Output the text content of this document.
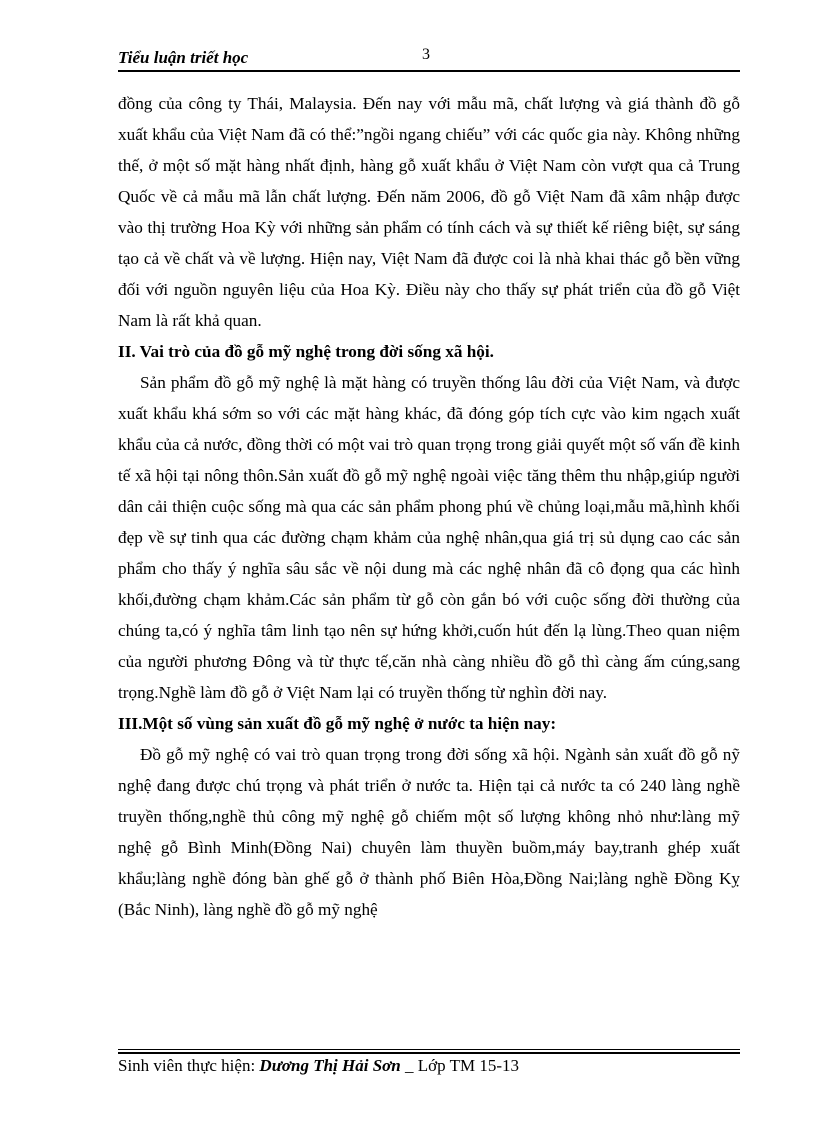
Tiểu luận triết học	3

đồng của công ty Thái, Malaysia. Đến nay với mẫu mã, chất lượng và giá thành đồ gỗ xuất khẩu của Việt Nam đã có thể:”ngồi ngang chiếu” với các quốc gia này. Không những thế, ở một số mặt hàng nhất định, hàng gỗ xuất khẩu ở Việt Nam còn vượt qua cả Trung Quốc về cả mẫu mã lẫn chất lượng. Đến năm 2006, đồ gỗ Việt Nam đã xâm nhập được vào thị trường Hoa Kỳ với những sản phẩm có tính cách và sự thiết kế riêng biệt, sự sáng tạo cả về chất và về lượng. Hiện nay, Việt Nam đã được coi là nhà khai thác gỗ bền vững đối với nguồn nguyên liệu của Hoa Kỳ. Điều này cho thấy sự phát triển của đồ gỗ Việt Nam là rất khả quan.

II. Vai trò của đồ gỗ mỹ nghệ trong đời sống xã hội.

Sản phẩm đồ gỗ mỹ nghệ là mặt hàng có truyền thống lâu đời của Việt Nam, và được xuất khẩu khá sớm so với các mặt hàng khác, đã đóng góp tích cực vào kim ngạch xuất khẩu của cả nước, đồng thời có một vai trò quan trọng trong giải quyết một số vấn đề kinh tế xã hội tại nông thôn.Sản xuất đồ gỗ mỹ nghệ ngoài việc tăng thêm thu nhập,giúp người dân cải thiện cuộc sống mà qua các sản phẩm phong phú về chủng loại,mẫu mã,hình khối đẹp về sự tinh qua các đường chạm khảm của nghệ nhân,qua giá trị sủ dụng cao các sản phẩm cho thấy ý nghĩa sâu sắc về nội dung mà các nghệ nhân đã cô đọng qua các hình khối,đường chạm khảm.Các sản phẩm từ gỗ còn gắn bó với cuộc sống đời thường của chúng ta,có ý nghĩa tâm linh tạo nên sự hứng khởi,cuốn hút đến lạ lùng.Theo quan niệm của người phương Đông và từ thực tế,căn nhà càng nhiều đồ gỗ thì càng ấm cúng,sang trọng.Nghề làm đồ gỗ ở Việt Nam lại có truyền thống từ nghìn đời nay.

III.Một số vùng sản xuất đồ gỗ mỹ nghệ ở nước ta hiện nay:

Đồ gỗ mỹ nghệ có vai trò quan trọng trong đời sống xã hội. Ngành sản xuất đồ gỗ nỹ nghệ đang được chú trọng và phát triển ở nước ta. Hiện tại cả nước ta có 240 làng nghề truyền thống,nghề thủ công mỹ nghệ gỗ chiếm một số lượng không nhỏ như:làng mỹ nghệ gỗ Bình Minh(Đồng Nai) chuyên làm thuyền buồm,máy bay,tranh ghép xuất khẩu;làng nghề đóng bàn ghế gỗ ở thành phố Biên Hòa,Đồng Nai;làng nghề Đồng Kỵ (Bắc Ninh), làng nghề đồ gỗ mỹ nghệ

Sinh viên thực hiện: Dương Thị Hải Sơn _ Lớp TM 15-13
